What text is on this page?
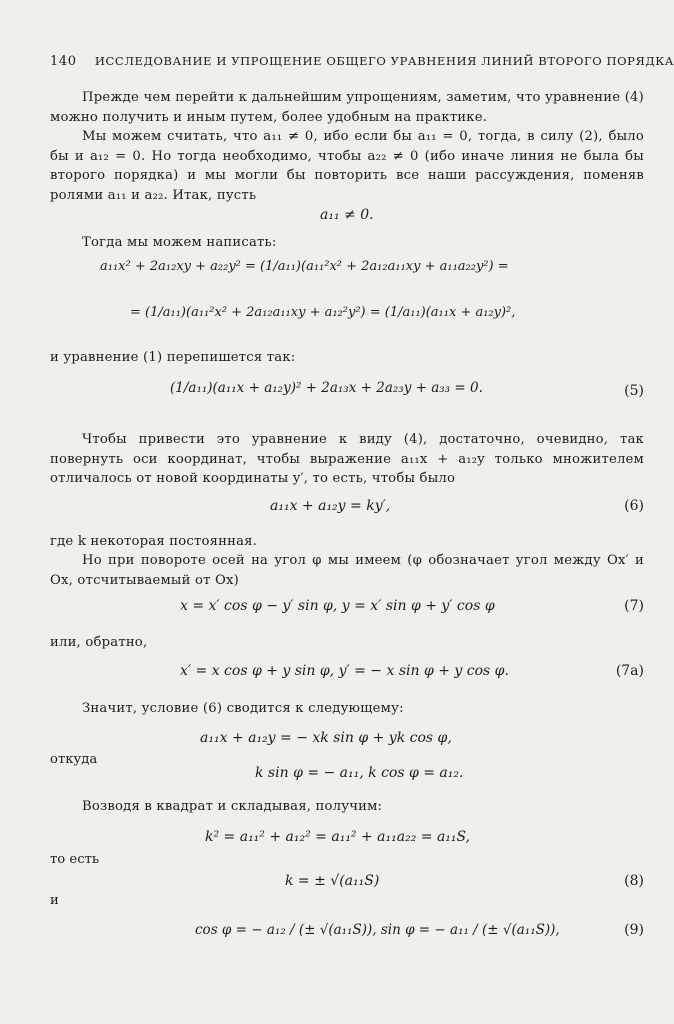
140 ИССЛЕДОВАНИЕ И УПРОЩЕНИЕ ОБЩЕГО УРАВНЕНИЯ ЛИНИЙ ВТОРОГО ПОРЯДКА
Прежде чем перейти к дальнейшим упрощениям, заметим, что уравнение (4) можно получить и иным путем, более удобным на практике.
Мы можем считать, что a₁₁ ≠ 0, ибо если бы a₁₁ = 0, тогда, в силу (2), было бы и a₁₂ = 0. Но тогда необходимо, чтобы a₂₂ ≠ 0 (ибо иначе линия не была бы второго порядка) и мы могли бы повторить все наши рассуждения, поменяв ролями a₁₁ и a₂₂. Итак, пусть
a₁₁ ≠ 0.
Тогда мы можем написать:
a₁₁x² + 2a₁₂xy + a₂₂y² = (1/a₁₁)(a₁₁²x² + 2a₁₂a₁₁xy + a₁₁a₂₂y²) =
= (1/a₁₁)(a₁₁²x² + 2a₁₂a₁₁xy + a₁₂²y²) = (1/a₁₁)(a₁₁x + a₁₂y)²,
и уравнение (1) перепишется так:
(1/a₁₁)(a₁₁x + a₁₂y)² + 2a₁₃x + 2a₂₃y + a₃₃ = 0.	(5)
Чтобы привести это уравнение к виду (4), достаточно, очевидно, так повернуть оси координат, чтобы выражение a₁₁x + a₁₂y только множителем отличалось от новой координаты y′, то есть, чтобы было
a₁₁x + a₁₂y = ky′,	(6)
где k некоторая постоянная.
Но при повороте осей на угол φ мы имеем (φ обозначает угол между Ox′ и Ox, отсчитываемый от Ox)
x = x′ cos φ − y′ sin φ, y = x′ sin φ + y′ cos φ	(7)
или, обратно,
x′ = x cos φ + y sin φ, y′ = − x sin φ + y cos φ.	(7a)
Значит, условие (6) сводится к следующему:
a₁₁x + a₁₂y = − xk sin φ + yk cos φ,
откуда
k sin φ = − a₁₁, k cos φ = a₁₂.
Возводя в квадрат и складывая, получим:
k² = a₁₁² + a₁₂² = a₁₁² + a₁₁a₂₂ = a₁₁S,
то есть
k = ± √(a₁₁S)	(8)
и
cos φ = − a₁₂ / (± √(a₁₁S)), sin φ = − a₁₁ / (± √(a₁₁S)),	(9)
